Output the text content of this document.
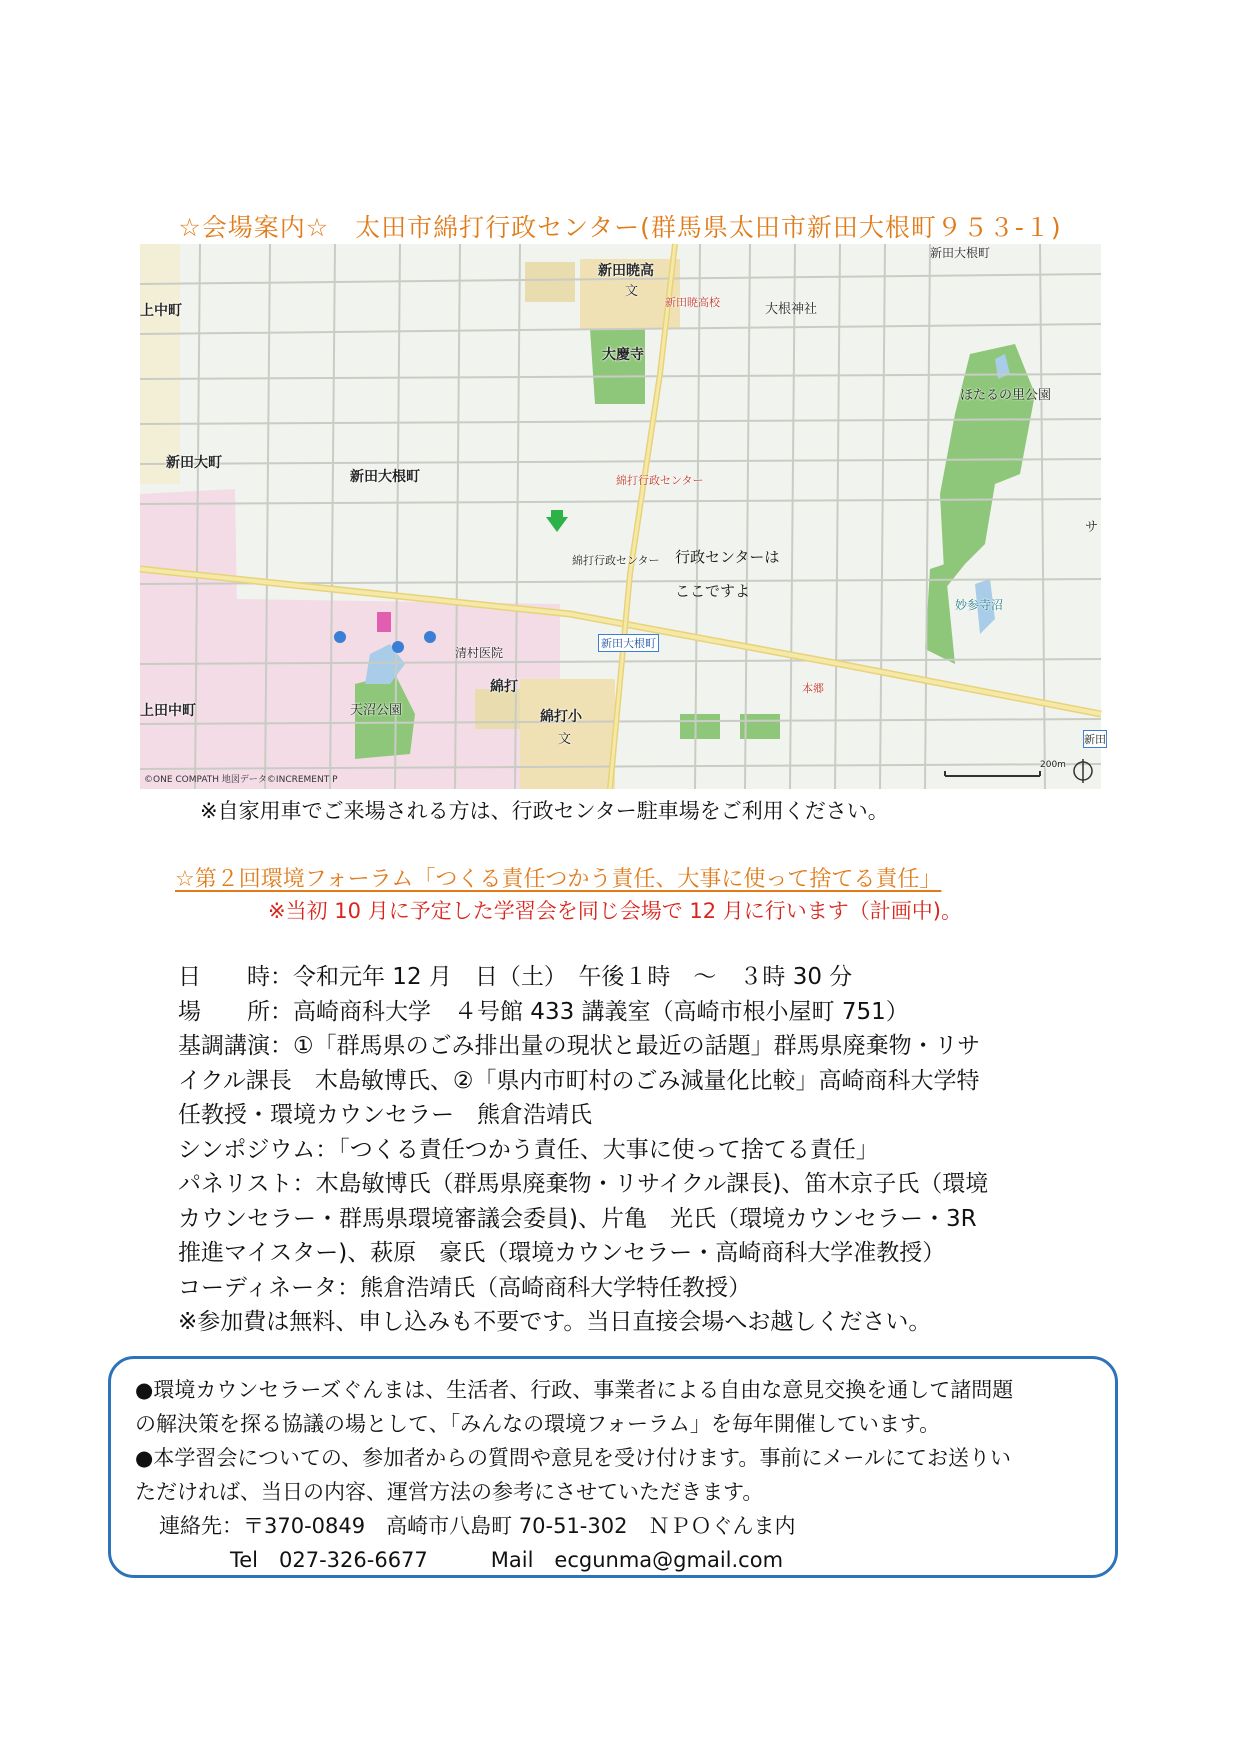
☆会場案内☆　太田市綿打行政センター(群馬県太田市新田大根町９５３-１)
新田暁高
文
新田暁高校	大根神社
大慶寺
ほたるの里公園
上中町
新田大町
新田大根町	綿打行政センター
綿打行政センター 行政センターは
ここですよ
妙参寺沼
新田大根町
清村医院
綿打
綿打小
文
天沼公園
上田中町
本郷
新田
サ
新田大根町
200m
©ONE COMPATH 地図データ©INCREMENT P
※自家用車でご来場される方は、行政センター駐車場をご利用ください。
☆第２回環境フォーラム「つくる責任つかう責任、大事に使って捨てる責任」
※当初 10 月に予定した学習会を同じ会場で 12 月に行います（計画中)。
日　　時：令和元年 12 月　日（土）　午後１時　～　３時 30 分
場　　所：高崎商科大学　４号館 433 講義室（高崎市根小屋町 751）
基調講演：①「群馬県のごみ排出量の現状と最近の話題」群馬県廃棄物・リサ
イクル課長　木島敏博氏、②「県内市町村のごみ減量化比較」高崎商科大学特
任教授・環境カウンセラー　熊倉浩靖氏
シンポジウム：「つくる責任つかう責任、大事に使って捨てる責任」
パネリスト：木島敏博氏（群馬県廃棄物・リサイクル課長)、笛木京子氏（環境
カウンセラー・群馬県環境審議会委員)、片亀　光氏（環境カウンセラー・3R
推進マイスター)、萩原　豪氏（環境カウンセラー・高崎商科大学准教授）
コーディネータ：熊倉浩靖氏（高崎商科大学特任教授）
※参加費は無料、申し込みも不要です。当日直接会場へお越しください。
●環境カウンセラーズぐんまは、生活者、行政、事業者による自由な意見交換を通して諸問題
の解決策を探る協議の場として、「みんなの環境フォーラム」を毎年開催しています。
●本学習会についての、参加者からの質問や意見を受け付けます。事前にメールにてお送りい
ただければ、当日の内容、運営方法の参考にさせていただきます。
連絡先：〒370-0849　高崎市八島町 70-51-302　ＮＰＯぐんま内
Tel　027-326-6677　　　Mail　ecgunma@gmail.com
